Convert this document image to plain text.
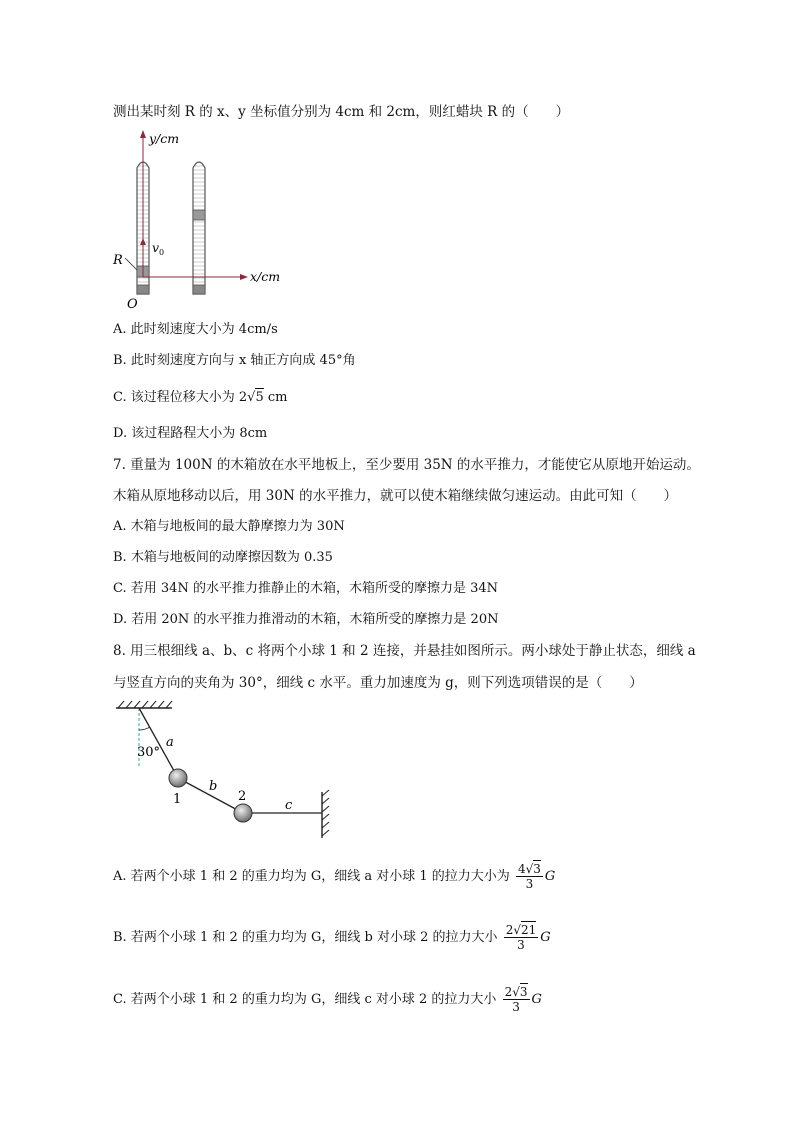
测出某时刻 R 的 x、y 坐标值分别为 4cm 和 2cm，则红蜡块 R 的（　　）
y/cm
x/cm
v 0
R
O
A. 此时刻速度大小为 4cm/s
B. 此时刻速度方向与 x 轴正方向成 45°角
C. 该过程位移大小为 2√5 cm
D. 该过程路程大小为 8cm
7. 重量为 100N 的木箱放在水平地板上，至少要用 35N 的水平推力，才能使它从原地开始运动。
木箱从原地移动以后，用 30N 的水平推力，就可以使木箱继续做匀速运动。由此可知（　　）
A. 木箱与地板间的最大静摩擦力为 30N
B. 木箱与地板间的动摩擦因数为 0.35
C. 若用 34N 的水平推力推静止的木箱，木箱所受的摩擦力是 34N
D. 若用 20N 的水平推力推滑动的木箱，木箱所受的摩擦力是 20N
8. 用三根细线 a、b、c 将两个小球 1 和 2 连接，并悬挂如图所示。两小球处于静止状态，细线 a
与竖直方向的夹角为 30°，细线 c 水平。重力加速度为 g，则下列选项错误的是（　　）
30°
a
b
c
1	2
A. 若两个小球 1 和 2 的重力均为 G，细线 a 对小球 1 的拉力大小为 $\frac{4√3}{3}$ G
B. 若两个小球 1 和 2 的重力均为 G，细线 b 对小球 2 的拉力大小 $\frac{2√21}{3}$ G
C. 若两个小球 1 和 2 的重力均为 G，细线 c 对小球 2 的拉力大小 $\frac{2√3}{3}$ G
